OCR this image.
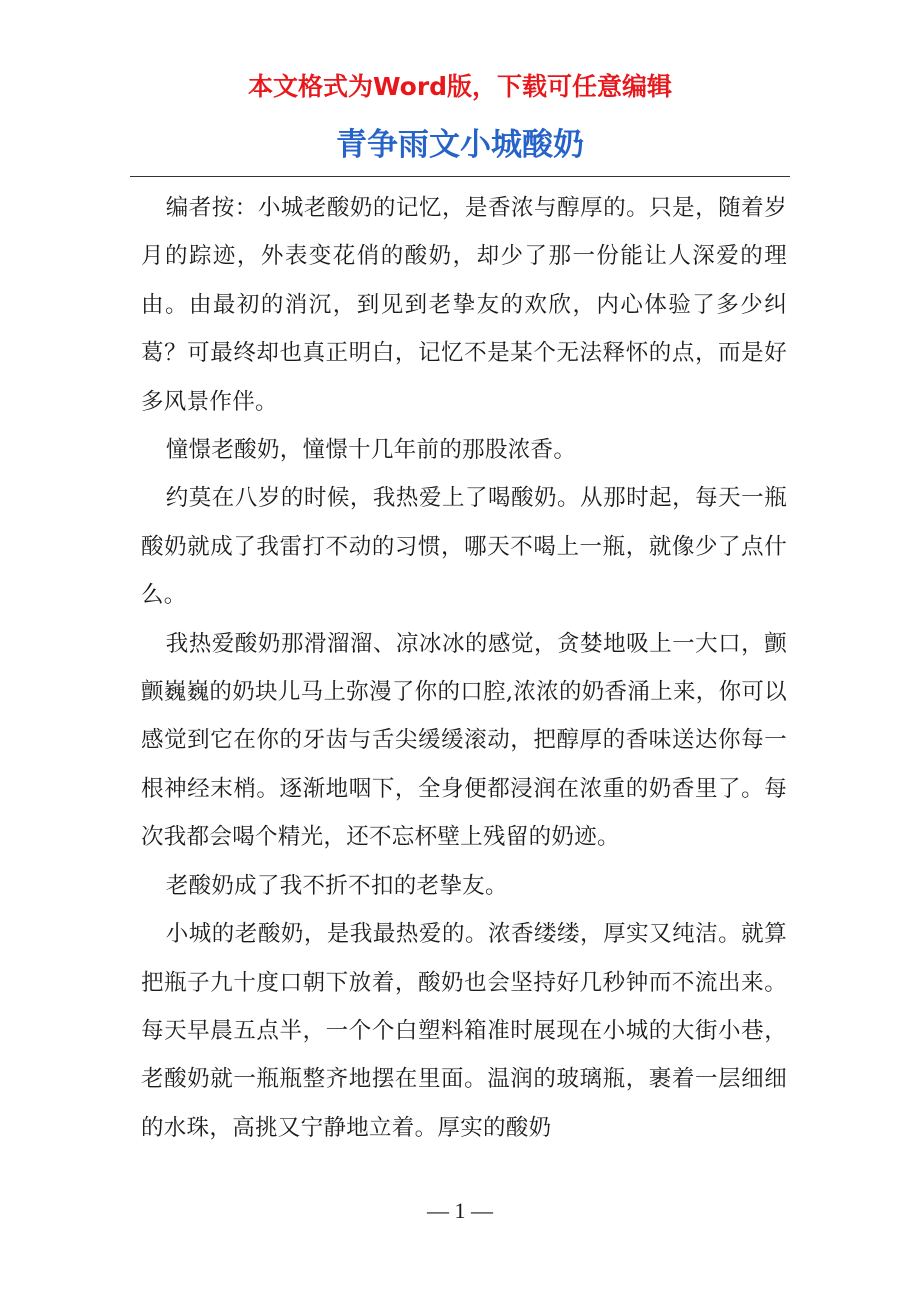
本文格式为Word版，下载可任意编辑
青争雨文小城酸奶

编者按：小城老酸奶的记忆，是香浓与醇厚的。只是，随着岁月的踪迹，外表变花俏的酸奶，却少了那一份能让人深爱的理由。由最初的消沉，到见到老挚友的欢欣，内心体验了多少纠葛？可最终却也真正明白，记忆不是某个无法释怀的点，而是好多风景作伴。

憧憬老酸奶，憧憬十几年前的那股浓香。

约莫在八岁的时候，我热爱上了喝酸奶。从那时起，每天一瓶酸奶就成了我雷打不动的习惯，哪天不喝上一瓶，就像少了点什么。

我热爱酸奶那滑溜溜、凉冰冰的感觉，贪婪地吸上一大口，颤颤巍巍的奶块儿马上弥漫了你的口腔,浓浓的奶香涌上来，你可以感觉到它在你的牙齿与舌尖缓缓滚动，把醇厚的香味送达你每一根神经末梢。逐渐地咽下，全身便都浸润在浓重的奶香里了。每次我都会喝个精光，还不忘杯壁上残留的奶迹。

老酸奶成了我不折不扣的老挚友。

小城的老酸奶，是我最热爱的。浓香缕缕，厚实又纯洁。就算把瓶子九十度口朝下放着，酸奶也会坚持好几秒钟而不流出来。每天早晨五点半，一个个白塑料箱准时展现在小城的大街小巷，老酸奶就一瓶瓶整齐地摆在里面。温润的玻璃瓶，裹着一层细细的水珠，高挑又宁静地立着。厚实的酸奶

— 1 —
